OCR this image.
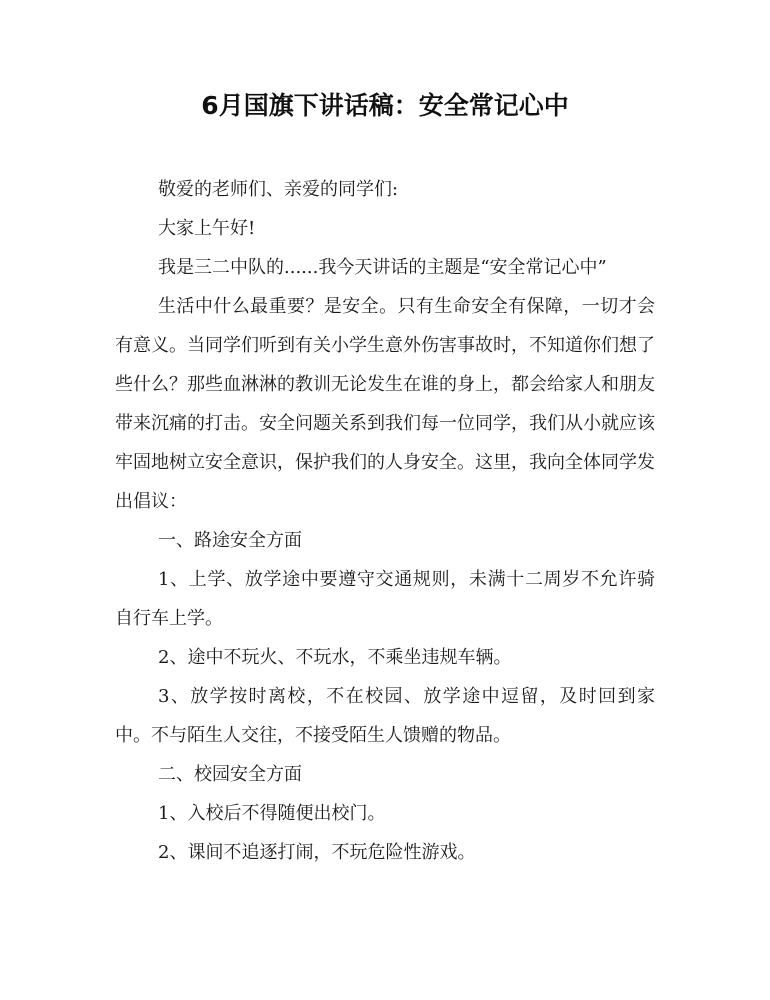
6月国旗下讲话稿：安全常记心中

敬爱的老师们、亲爱的同学们:

大家上午好!

我是三二中队的......我今天讲话的主题是“安全常记心中”

生活中什么最重要？是安全。只有生命安全有保障，一切才会有意义。当同学们听到有关小学生意外伤害事故时，不知道你们想了些什么？那些血淋淋的教训无论发生在谁的身上，都会给家人和朋友带来沉痛的打击。安全问题关系到我们每一位同学，我们从小就应该牢固地树立安全意识，保护我们的人身安全。这里，我向全体同学发出倡议：

一、路途安全方面

1、上学、放学途中要遵守交通规则，未满十二周岁不允许骑自行车上学。

2、途中不玩火、不玩水，不乘坐违规车辆。

3、放学按时离校，不在校园、放学途中逗留，及时回到家中。不与陌生人交往，不接受陌生人馈赠的物品。

二、校园安全方面

1、入校后不得随便出校门。

2、课间不追逐打闹，不玩危险性游戏。
